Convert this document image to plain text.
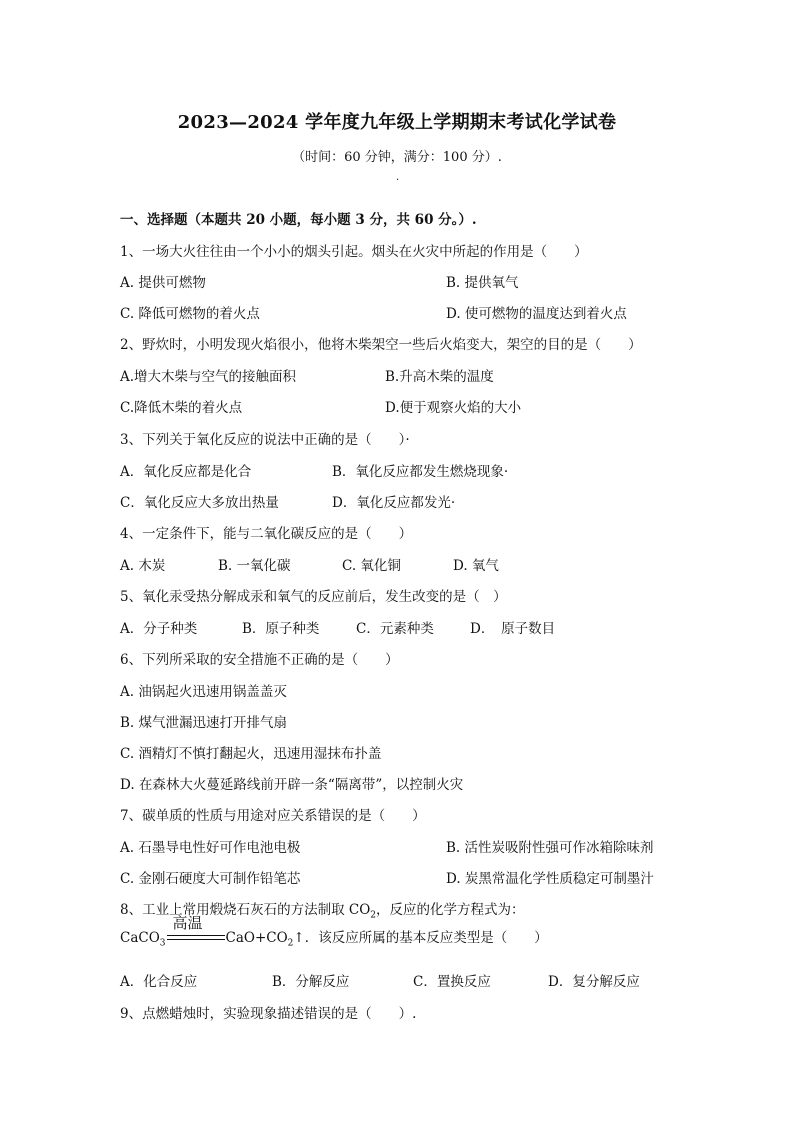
2023—2024 学年度九年级上学期期末考试化学试卷
（时间：60 分钟，满分：100 分）.
.
一、选择题（本题共 20 小题，每小题 3 分，共 60 分。）.
1、一场大火往往由一个小小的烟头引起。烟头在火灾中所起的作用是（　　）
A. 提供可燃物	B. 提供氧气
C. 降低可燃物的着火点	D. 使可燃物的温度达到着火点
2、野炊时，小明发现火焰很小，他将木柴架空一些后火焰变大，架空的目的是（　　）
A.增大木柴与空气的接触面积	B.升高木柴的温度
C.降低木柴的着火点	D.便于观察火焰的大小
3、下列关于氧化反应的说法中正确的是（　　）·
A．氧化反应都是化合	B．氧化反应都发生燃烧现象·
C．氧化反应大多放出热量	D．氧化反应都发光·
4、一定条件下，能与二氧化碳反应的是（　　）
A. 木炭	B. 一氧化碳	C. 氧化铜	D. 氧气
5、氧化汞受热分解成汞和氧气的反应前后，发生改变的是（　）
A．分子种类	B．原子种类	C．元素种类	D．　原子数目
6、下列所采取的安全措施不正确的是（　　）
A. 油锅起火迅速用锅盖盖灭
B. 煤气泄漏迅速打开排气扇
C. 酒精灯不慎打翻起火，迅速用湿抹布扑盖
D. 在森林大火蔓延路线前开辟一条“隔离带”，以控制火灾
7、碳单质的性质与用途对应关系错误的是（　　）
A. 石墨导电性好可作电池电极	B. 活性炭吸附性强可作冰箱除味剂
C. 金刚石硬度大可制作铅笔芯	D. 炭黑常温化学性质稳定可制墨汁
8、工业上常用煅烧石灰石的方法制取 $CO_2$，反应的化学方程式为：
CaCO$_3$
高温
$CaO+CO_2↑$．该反应所属的基本反应类型是（　　）
A．化合反应	B．分解反应	C．置换反应	D．复分解反应
9、点燃蜡烛时，实验现象描述错误的是（　　）.
